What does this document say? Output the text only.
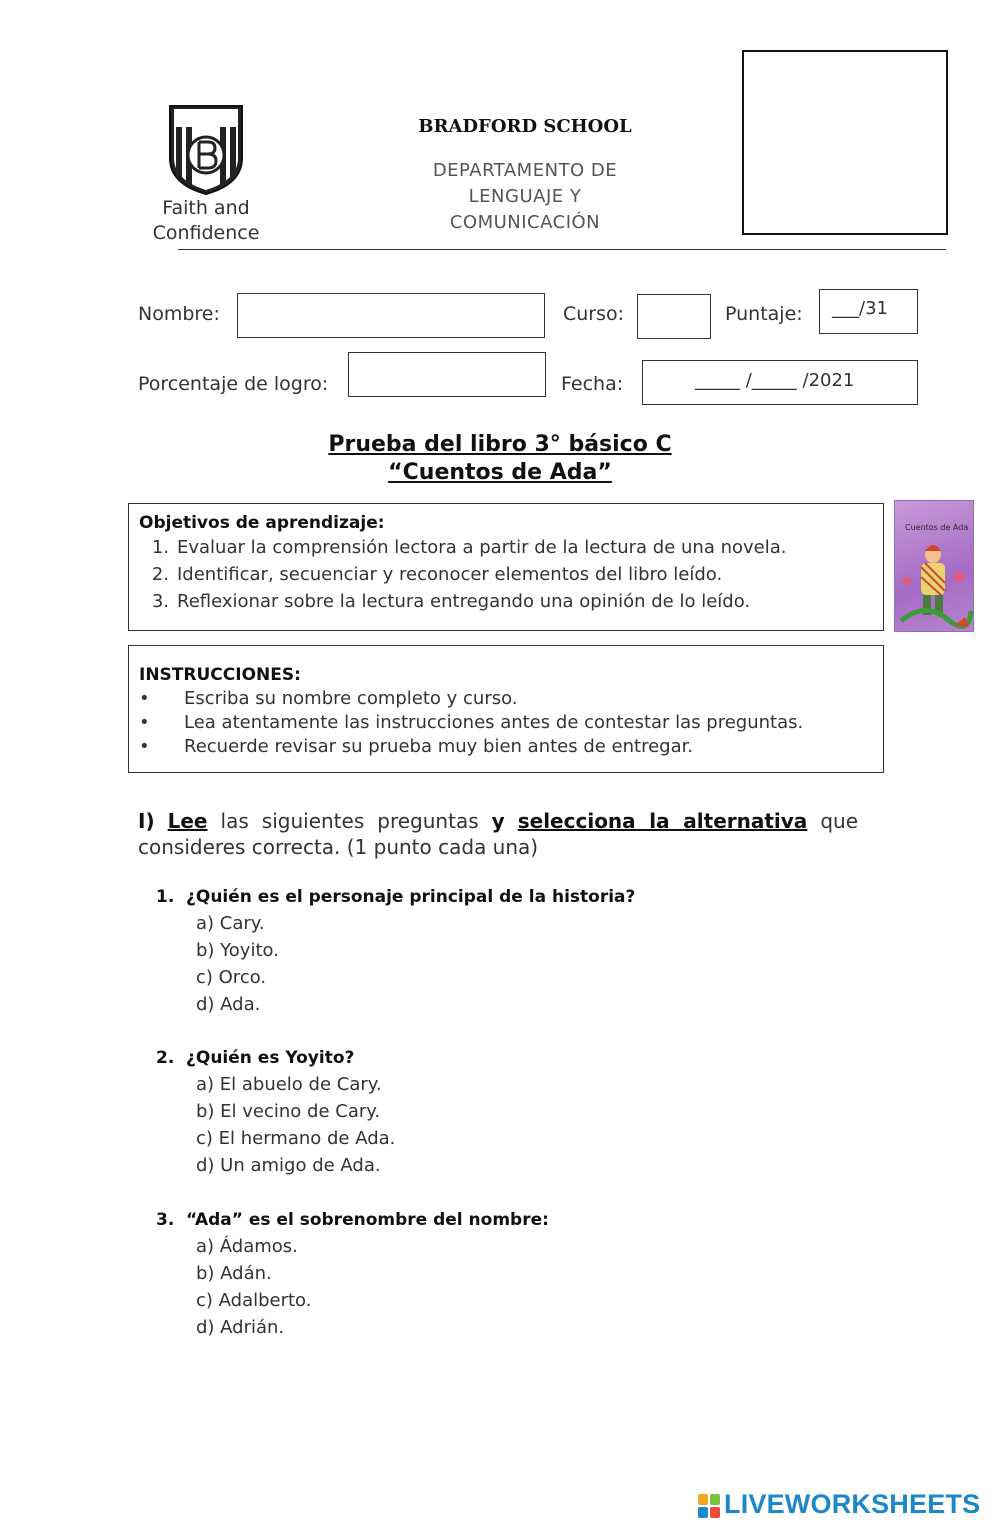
Faith and
Confidence
BRADFORD SCHOOL
DEPARTAMENTO DE
LENGUAJE Y
COMUNICACIÓN
Nombre:	Curso:	Puntaje: ___/31
Porcentaje de logro:	Fecha:	_____ /_____ /2021
Prueba del libro 3° básico C
“Cuentos de Ada”
Objetivos de aprendizaje:
1. Evaluar la comprensión lectora a partir de la lectura de una novela.
2. Identificar, secuenciar y reconocer elementos del libro leído.
3. Reflexionar sobre la lectura entregando una opinión de lo leído.
Cuentos de Ada
INSTRUCCIONES:
• Escriba su nombre completo y curso.
• Lea atentamente las instrucciones antes de contestar las preguntas.
• Recuerde revisar su prueba muy bien antes de entregar.
I) Lee las siguientes preguntas y selecciona la alternativa que consideres correcta. (1 punto cada una)
1. ¿Quién es el personaje principal de la historia?
a) Cary.
b) Yoyito.
c) Orco.
d) Ada.
2. ¿Quién es Yoyito?
a) El abuelo de Cary.
b) El vecino de Cary.
c) El hermano de Ada.
d) Un amigo de Ada.
3. “Ada” es el sobrenombre del nombre:
a) Ádamos.
b) Adán.
c) Adalberto.
d) Adrián.
LIVEWORKSHEETS
